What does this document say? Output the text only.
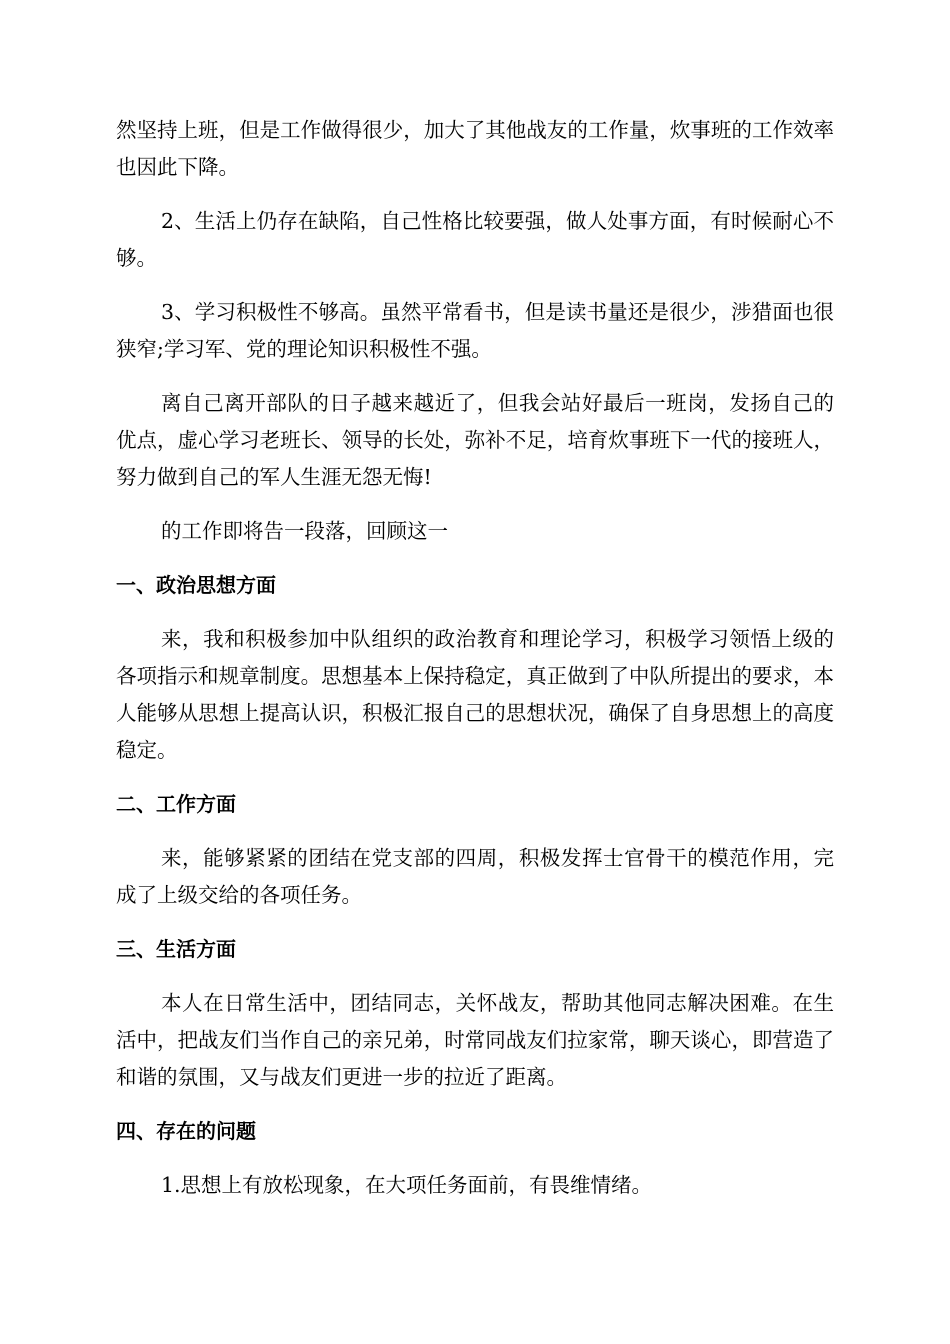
然坚持上班，但是工作做得很少，加大了其他战友的工作量，炊事班的工作效率也因此下降。

2、生活上仍存在缺陷，自己性格比较要强，做人处事方面，有时候耐心不够。

3、学习积极性不够高。虽然平常看书，但是读书量还是很少，涉猎面也很狭窄;学习军、党的理论知识积极性不强。

离自己离开部队的日子越来越近了，但我会站好最后一班岗，发扬自己的优点，虚心学习老班长、领导的长处，弥补不足，培育炊事班下一代的接班人，努力做到自己的军人生涯无怨无悔!

的工作即将告一段落，回顾这一

一、政治思想方面

来，我和积极参加中队组织的政治教育和理论学习，积极学习领悟上级的各项指示和规章制度。思想基本上保持稳定，真正做到了中队所提出的要求，本人能够从思想上提高认识，积极汇报自己的思想状况，确保了自身思想上的高度稳定。

二、工作方面

来，能够紧紧的团结在党支部的四周，积极发挥士官骨干的模范作用，完成了上级交给的各项任务。

三、生活方面

本人在日常生活中，团结同志，关怀战友，帮助其他同志解决困难。在生活中，把战友们当作自己的亲兄弟，时常同战友们拉家常，聊天谈心，即营造了和谐的氛围，又与战友们更进一步的拉近了距离。

四、存在的问题

1.思想上有放松现象，在大项任务面前，有畏维情绪。
